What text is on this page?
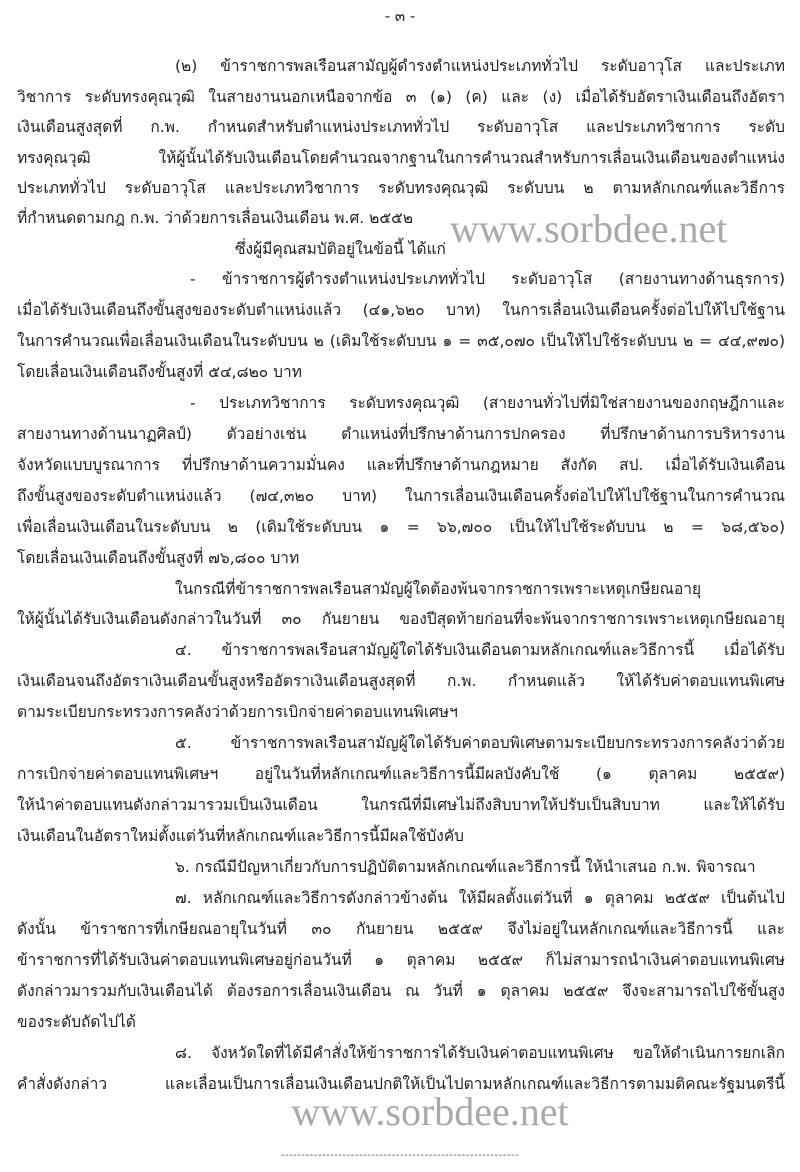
- ๓ -
(๒) ข้าราชการพลเรือนสามัญผู้ดำรงตำแหน่งประเภททั่วไป ระดับอาวุโส และประเภท
วิชาการ ระดับทรงคุณวุฒิ ในสายงานนอกเหนือจากข้อ ๓ (๑) (ค) และ (ง) เมื่อได้รับอัตราเงินเดือนถึงอัตรา
เงินเดือนสูงสุดที่ ก.พ. กำหนดสำหรับตำแหน่งประเภททั่วไป ระดับอาวุโส และประเภทวิชาการ ระดับ
ทรงคุณวุฒิ ให้ผู้นั้นได้รับเงินเดือนโดยคำนวณจากฐานในการคำนวณสำหรับการเลื่อนเงินเดือนของตำแหน่ง
ประเภททั่วไป ระดับอาวุโส และประเภทวิชาการ ระดับทรงคุณวุฒิ ระดับบน ๒ ตามหลักเกณฑ์และวิธีการ
ที่กำหนดตามกฎ ก.พ. ว่าด้วยการเลื่อนเงินเดือน พ.ศ. ๒๕๕๒
ซึ่งผู้มีคุณสมบัติอยู่ในข้อนี้ ได้แก่
- ข้าราชการผู้ดำรงตำแหน่งประเภททั่วไป ระดับอาวุโส (สายงานทางด้านธุรการ)
เมื่อได้รับเงินเดือนถึงขั้นสูงของระดับตำแหน่งแล้ว (๔๑,๖๒๐ บาท) ในการเลื่อนเงินเดือนครั้งต่อไปให้ไปใช้ฐาน
ในการคำนวณเพื่อเลื่อนเงินเดือนในระดับบน ๒ (เดิมใช้ระดับบน ๑ = ๓๕,๐๗๐ เป็นให้ไปใช้ระดับบน ๒ = ๔๔,๙๗๐)
โดยเลื่อนเงินเดือนถึงขั้นสูงที่ ๕๔,๘๒๐ บาท
- ประเภทวิชาการ ระดับทรงคุณวุฒิ (สายงานทั่วไปที่มิใช่สายงานของกฤษฎีกาและ
สายงานทางด้านนาฏศิลป์) ตัวอย่างเช่น ตำแหน่งที่ปรึกษาด้านการปกครอง ที่ปรึกษาด้านการบริหารงาน
จังหวัดแบบบูรณาการ ที่ปรึกษาด้านความมั่นคง และที่ปรึกษาด้านกฎหมาย สังกัด สป. เมื่อได้รับเงินเดือน
ถึงขั้นสูงของระดับตำแหน่งแล้ว (๗๔,๓๒๐ บาท) ในการเลื่อนเงินเดือนครั้งต่อไปให้ไปใช้ฐานในการคำนวณ
เพื่อเลื่อนเงินเดือนในระดับบน ๒ (เดิมใช้ระดับบน ๑ = ๖๖,๗๐๐ เป็นให้ไปใช้ระดับบน ๒ = ๖๘,๕๖๐)
โดยเลื่อนเงินเดือนถึงขั้นสูงที่ ๗๖,๘๐๐ บาท
ในกรณีที่ข้าราชการพลเรือนสามัญผู้ใดต้องพ้นจากราชการเพราะเหตุเกษียณอายุ
ให้ผู้นั้นได้รับเงินเดือนดังกล่าวในวันที่ ๓๐ กันยายน ของปีสุดท้ายก่อนที่จะพ้นจากราชการเพราะเหตุเกษียณอายุ
๔. ข้าราชการพลเรือนสามัญผู้ใดได้รับเงินเดือนตามหลักเกณฑ์และวิธีการนี้ เมื่อได้รับ
เงินเดือนจนถึงอัตราเงินเดือนขั้นสูงหรืออัตราเงินเดือนสูงสุดที่ ก.พ. กำหนดแล้ว ให้ได้รับค่าตอบแทนพิเศษ
ตามระเบียบกระทรวงการคลังว่าด้วยการเบิกจ่ายค่าตอบแทนพิเศษฯ
๕. ข้าราชการพลเรือนสามัญผู้ใดได้รับค่าตอบพิเศษตามระเบียบกระทรวงการคลังว่าด้วย
การเบิกจ่ายค่าตอบแทนพิเศษฯ อยู่ในวันที่หลักเกณฑ์และวิธีการนี้มีผลบังคับใช้ (๑ ตุลาคม ๒๕๕๙)
ให้นำค่าตอบแทนดังกล่าวมารวมเป็นเงินเดือน ในกรณีที่มีเศษไม่ถึงสิบบาทให้ปรับเป็นสิบบาท และให้ได้รับ
เงินเดือนในอัตราใหม่ตั้งแต่วันที่หลักเกณฑ์และวิธีการนี้มีผลใช้บังคับ
๖. กรณีมีปัญหาเกี่ยวกับการปฏิบัติตามหลักเกณฑ์และวิธีการนี้ ให้นำเสนอ ก.พ. พิจารณา
๗. หลักเกณฑ์และวิธีการดังกล่าวข้างต้น ให้มีผลตั้งแต่วันที่ ๑ ตุลาคม ๒๕๕๙ เป็นต้นไป
ดังนั้น ข้าราชการที่เกษียณอายุในวันที่ ๓๐ กันยายน ๒๕๕๙ จึงไม่อยู่ในหลักเกณฑ์และวิธีการนี้ และ
ข้าราชการที่ได้รับเงินค่าตอบแทนพิเศษอยู่ก่อนวันที่ ๑ ตุลาคม ๒๕๕๙ ก็ไม่สามารถนำเงินค่าตอบแทนพิเศษ
ดังกล่าวมารวมกับเงินเดือนได้ ต้องรอการเลื่อนเงินเดือน ณ วันที่ ๑ ตุลาคม ๒๕๕๙ จึงจะสามารถไปใช้ขั้นสูง
ของระดับถัดไปได้
๘. จังหวัดใดที่ได้มีคำสั่งให้ข้าราชการได้รับเงินค่าตอบแทนพิเศษ ขอให้ดำเนินการยกเลิก
คำสั่งดังกล่าว และเลื่อนเป็นการเลื่อนเงินเดือนปกติให้เป็นไปตามหลักเกณฑ์และวิธีการตามมติคณะรัฐมนตรีนี้
www.sorbdee.net
www.sorbdee.net
----------------------------------------------------------
